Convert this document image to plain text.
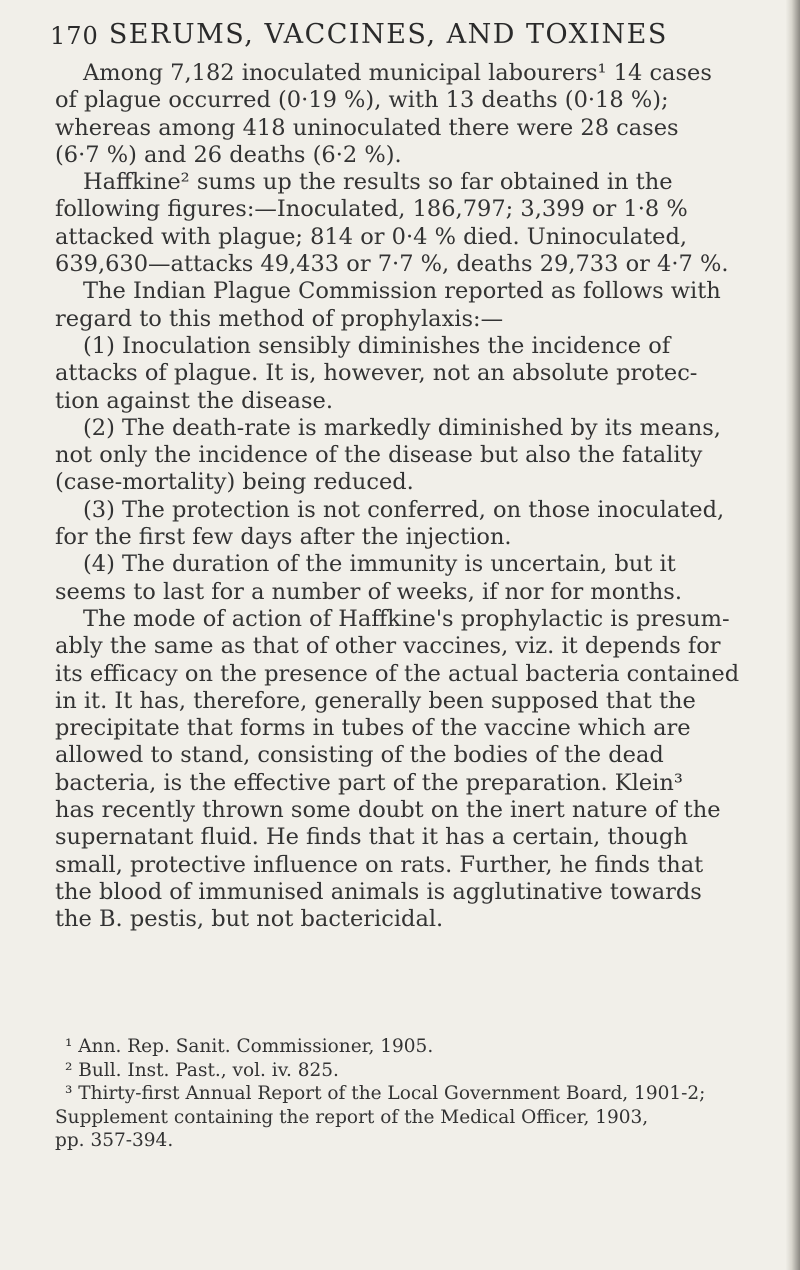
170 SERUMS, VACCINES, AND TOXINES
Among 7,182 inoculated municipal labourers¹ 14 cases
of plague occurred (0·19 %), with 13 deaths (0·18 %);
whereas among 418 uninoculated there were 28 cases
(6·7 %) and 26 deaths (6·2 %).
Haffkine² sums up the results so far obtained in the
following figures:—Inoculated, 186,797; 3,399 or 1·8 %
attacked with plague; 814 or 0·4 % died. Uninoculated,
639,630—attacks 49,433 or 7·7 %, deaths 29,733 or 4·7 %.
The Indian Plague Commission reported as follows with
regard to this method of prophylaxis:—
(1) Inoculation sensibly diminishes the incidence of
attacks of plague. It is, however, not an absolute protec-
tion against the disease.
(2) The death-rate is markedly diminished by its means,
not only the incidence of the disease but also the fatality
(case-mortality) being reduced.
(3) The protection is not conferred, on those inoculated,
for the first few days after the injection.
(4) The duration of the immunity is uncertain, but it
seems to last for a number of weeks, if nor for months.
The mode of action of Haffkine's prophylactic is presum-
ably the same as that of other vaccines, viz. it depends for
its efficacy on the presence of the actual bacteria contained
in it. It has, therefore, generally been supposed that the
precipitate that forms in tubes of the vaccine which are
allowed to stand, consisting of the bodies of the dead
bacteria, is the effective part of the preparation. Klein³
has recently thrown some doubt on the inert nature of the
supernatant fluid. He finds that it has a certain, though
small, protective influence on rats. Further, he finds that
the blood of immunised animals is agglutinative towards
the B. pestis, but not bactericidal.
¹ Ann. Rep. Sanit. Commissioner, 1905.
² Bull. Inst. Past., vol. iv. 825.
³ Thirty-first Annual Report of the Local Government Board, 1901-2;
Supplement containing the report of the Medical Officer, 1903,
pp. 357-394.
